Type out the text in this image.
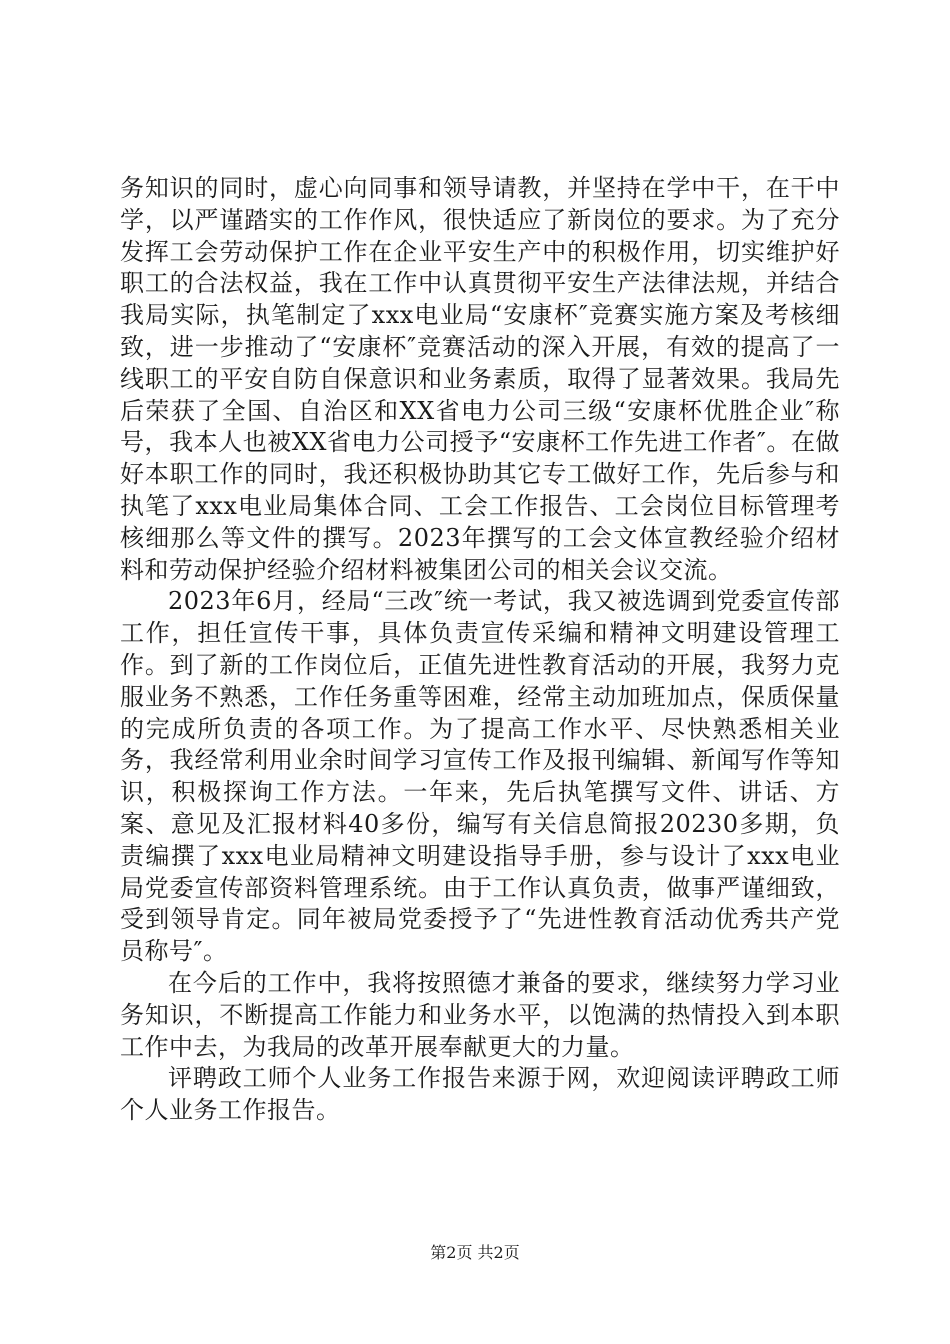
务知识的同时，虚心向同事和领导请教，并坚持在学中干，在干中学，以严谨踏实的工作作风，很快适应了新岗位的要求。为了充分发挥工会劳动保护工作在企业平安生产中的积极作用，切实维护好职工的合法权益，我在工作中认真贯彻平安生产法律法规，并结合我局实际，执笔制定了xxx电业局“安康杯″竞赛实施方案及考核细致，进一步推动了“安康杯″竞赛活动的深入开展，有效的提高了一线职工的平安自防自保意识和业务素质，取得了显著效果。我局先后荣获了全国、自治区和XX省电力公司三级“安康杯优胜企业″称号，我本人也被XX省电力公司授予“安康杯工作先进工作者″。在做好本职工作的同时，我还积极协助其它专工做好工作，先后参与和执笔了xxx电业局集体合同、工会工作报告、工会岗位目标管理考核细那么等文件的撰写。2023年撰写的工会文体宣教经验介绍材料和劳动保护经验介绍材料被集团公司的相关会议交流。

2023年6月，经局“三改″统一考试，我又被选调到党委宣传部工作，担任宣传干事，具体负责宣传采编和精神文明建设管理工作。到了新的工作岗位后，正值先进性教育活动的开展，我努力克服业务不熟悉，工作任务重等困难，经常主动加班加点，保质保量的完成所负责的各项工作。为了提高工作水平、尽快熟悉相关业务，我经常利用业余时间学习宣传工作及报刊编辑、新闻写作等知识，积极探询工作方法。一年来，先后执笔撰写文件、讲话、方案、意见及汇报材料40多份，编写有关信息简报20230多期，负责编撰了xxx电业局精神文明建设指导手册，参与设计了xxx电业局党委宣传部资料管理系统。由于工作认真负责，做事严谨细致，受到领导肯定。同年被局党委授予了“先进性教育活动优秀共产党员称号″。

在今后的工作中，我将按照德才兼备的要求，继续努力学习业务知识，不断提高工作能力和业务水平，以饱满的热情投入到本职工作中去，为我局的改革开展奉献更大的力量。

评聘政工师个人业务工作报告来源于网，欢迎阅读评聘政工师个人业务工作报告。

第2页 共2页
